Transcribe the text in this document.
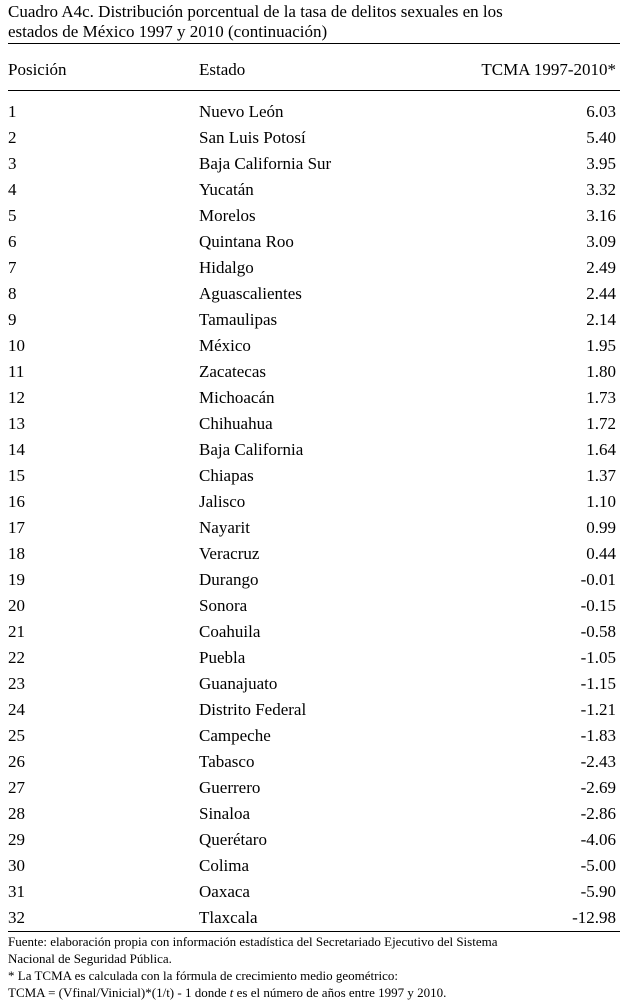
Cuadro A4c. Distribución porcentual de la tasa de delitos sexuales en los
estados de México 1997 y 2010 (continuación)

Posición	Estado	TCMA 1997-2010*
1	Nuevo León	6.03
2	San Luis Potosí	5.40
3	Baja California Sur	3.95
4	Yucatán	3.32
5	Morelos	3.16
6	Quintana Roo	3.09
7	Hidalgo	2.49
8	Aguascalientes	2.44
9	Tamaulipas	2.14
10	México	1.95
11	Zacatecas	1.80
12	Michoacán	1.73
13	Chihuahua	1.72
14	Baja California	1.64
15	Chiapas	1.37
16	Jalisco	1.10
17	Nayarit	0.99
18	Veracruz	0.44
19	Durango	-0.01
20	Sonora	-0.15
21	Coahuila	-0.58
22	Puebla	-1.05
23	Guanajuato	-1.15
24	Distrito Federal	-1.21
25	Campeche	-1.83
26	Tabasco	-2.43
27	Guerrero	-2.69
28	Sinaloa	-2.86
29	Querétaro	-4.06
30	Colima	-5.00
31	Oaxaca	-5.90
32	Tlaxcala	-12.98

Fuente: elaboración propia con información estadística del Secretariado Ejecutivo del Sistema
Nacional de Seguridad Pública.

* La TCMA es calculada con la fórmula de crecimiento medio geométrico:

TCMA = (Vfinal/Vinicial)*(1/t) - 1 donde t es el número de años entre 1997 y 2010.
